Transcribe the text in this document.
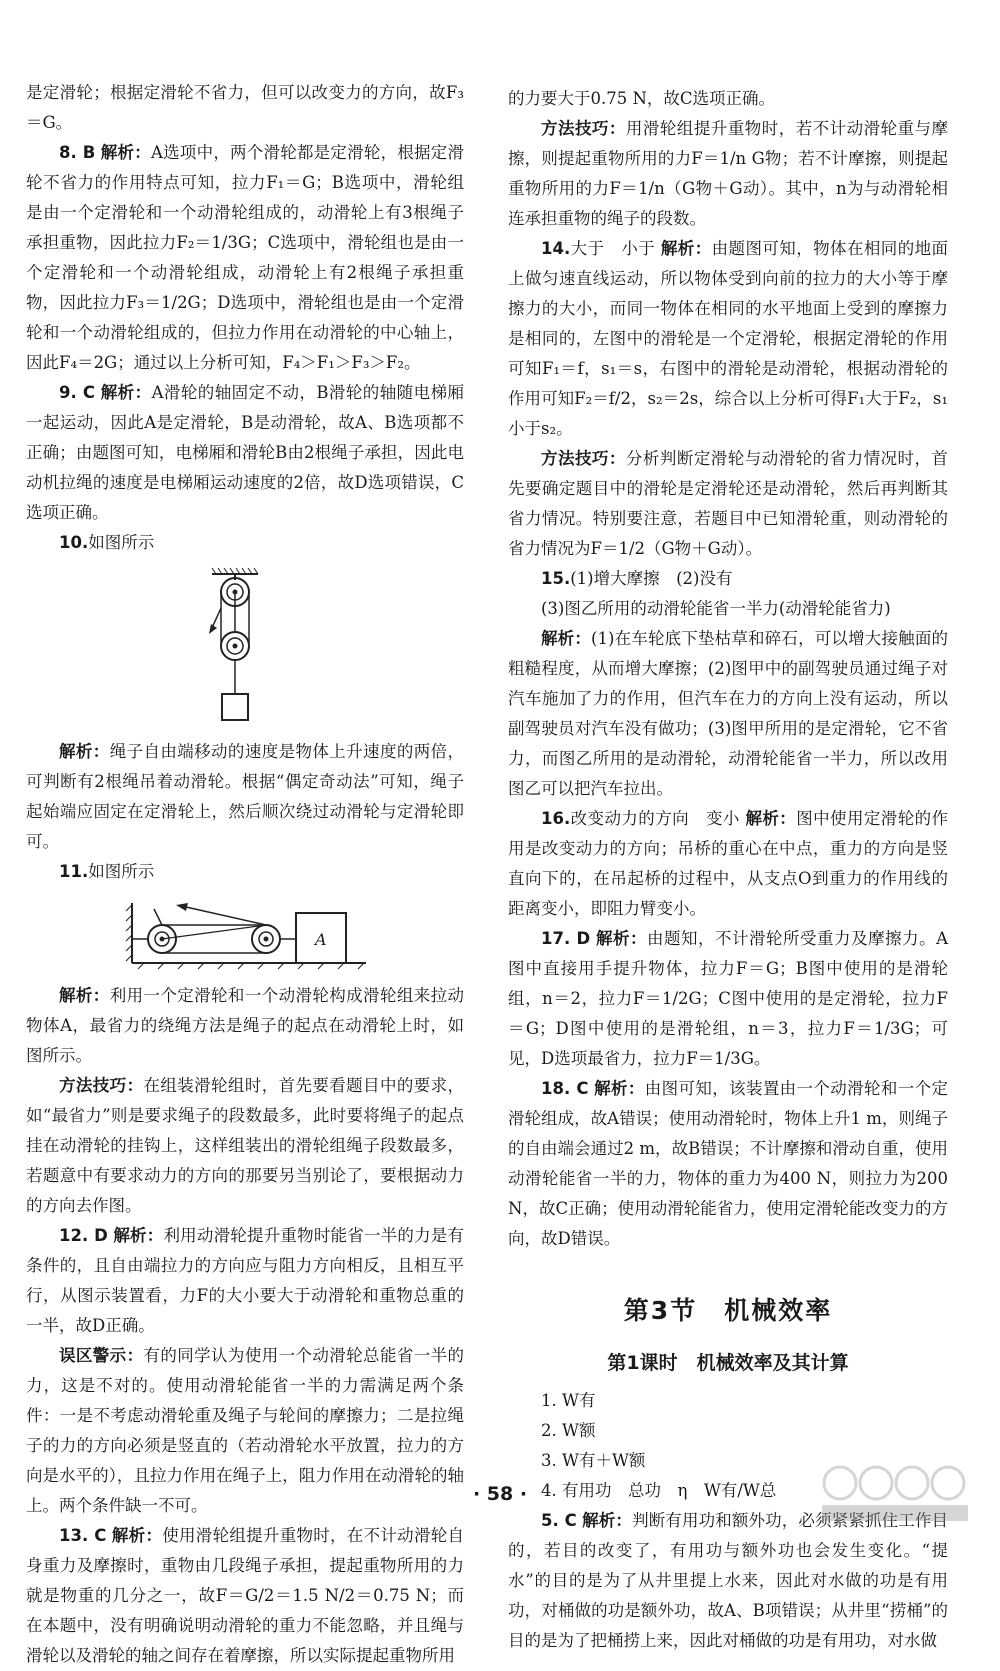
是定滑轮；根据定滑轮不省力，但可以改变力的方向，故F₃＝G。

8. B 解析：A选项中，两个滑轮都是定滑轮，根据定滑轮不省力的作用特点可知，拉力F₁＝G；B选项中，滑轮组是由一个定滑轮和一个动滑轮组成的，动滑轮上有3根绳子承担重物，因此拉力F₂＝1/3G；C选项中，滑轮组也是由一个定滑轮和一个动滑轮组成，动滑轮上有2根绳子承担重物，因此拉力F₃＝1/2G；D选项中，滑轮组也是由一个定滑轮和一个动滑轮组成的，但拉力作用在动滑轮的中心轴上，因此F₄＝2G；通过以上分析可知，F₄＞F₁＞F₃＞F₂。

9. C 解析：A滑轮的轴固定不动，B滑轮的轴随电梯厢一起运动，因此A是定滑轮，B是动滑轮，故A、B选项都不正确；由题图可知，电梯厢和滑轮B由2根绳子承担，因此电动机拉绳的速度是电梯厢运动速度的2倍，故D选项错误，C选项正确。

10.如图所示

解析：绳子自由端移动的速度是物体上升速度的两倍，可判断有2根绳吊着动滑轮。根据“偶定奇动法”可知，绳子起始端应固定在定滑轮上，然后顺次绕过动滑轮与定滑轮即可。

11.如图所示

A

解析：利用一个定滑轮和一个动滑轮构成滑轮组来拉动物体A，最省力的绕绳方法是绳子的起点在动滑轮上时，如图所示。

方法技巧：在组装滑轮组时，首先要看题目中的要求，如“最省力”则是要求绳子的段数最多，此时要将绳子的起点挂在动滑轮的挂钩上，这样组装出的滑轮组绳子段数最多，若题意中有要求动力的方向的那要另当别论了，要根据动力的方向去作图。

12. D 解析：利用动滑轮提升重物时能省一半的力是有条件的，且自由端拉力的方向应与阻力方向相反，且相互平行，从图示装置看，力F的大小要大于动滑轮和重物总重的一半，故D正确。

误区警示：有的同学认为使用一个动滑轮总能省一半的力，这是不对的。使用动滑轮能省一半的力需满足两个条件：一是不考虑动滑轮重及绳子与轮间的摩擦力；二是拉绳子的力的方向必须是竖直的（若动滑轮水平放置，拉力的方向是水平的），且拉力作用在绳子上，阻力作用在动滑轮的轴上。两个条件缺一不可。

13. C 解析：使用滑轮组提升重物时，在不计动滑轮自身重力及摩擦时，重物由几段绳子承担，提起重物所用的力就是物重的几分之一，故F＝G/2＝1.5 N/2＝0.75 N；而在本题中，没有明确说明动滑轮的重力不能忽略，并且绳与滑轮以及滑轮的轴之间存在着摩擦，所以实际提起重物所用

的力要大于0.75 N，故C选项正确。

方法技巧：用滑轮组提升重物时，若不计动滑轮重与摩擦，则提起重物所用的力F＝1/n G物；若不计摩擦，则提起重物所用的力F＝1/n（G物＋G动）。其中，n为与动滑轮相连承担重物的绳子的段数。

14.大于　小于 解析：由题图可知，物体在相同的地面上做匀速直线运动，所以物体受到向前的拉力的大小等于摩擦力的大小，而同一物体在相同的水平地面上受到的摩擦力是相同的，左图中的滑轮是一个定滑轮，根据定滑轮的作用可知F₁＝f，s₁＝s，右图中的滑轮是动滑轮，根据动滑轮的作用可知F₂＝f/2，s₂＝2s，综合以上分析可得F₁大于F₂，s₁小于s₂。

方法技巧：分析判断定滑轮与动滑轮的省力情况时，首先要确定题目中的滑轮是定滑轮还是动滑轮，然后再判断其省力情况。特别要注意，若题目中已知滑轮重，则动滑轮的省力情况为F＝1/2（G物＋G动）。

15.(1)增大摩擦　(2)没有

(3)图乙所用的动滑轮能省一半力(动滑轮能省力)

解析：(1)在车轮底下垫枯草和碎石，可以增大接触面的粗糙程度，从而增大摩擦；(2)图甲中的副驾驶员通过绳子对汽车施加了力的作用，但汽车在力的方向上没有运动，所以副驾驶员对汽车没有做功；(3)图甲所用的是定滑轮，它不省力，而图乙所用的是动滑轮，动滑轮能省一半力，所以改用图乙可以把汽车拉出。

16.改变动力的方向　变小 解析：图中使用定滑轮的作用是改变动力的方向；吊桥的重心在中点，重力的方向是竖直向下的，在吊起桥的过程中，从支点O到重力的作用线的距离变小，即阻力臂变小。

17. D 解析：由题知，不计滑轮所受重力及摩擦力。A图中直接用手提升物体，拉力F＝G；B图中使用的是滑轮组，n＝2，拉力F＝1/2G；C图中使用的是定滑轮，拉力F＝G；D图中使用的是滑轮组，n＝3，拉力F＝1/3G；可见，D选项最省力，拉力F＝1/3G。

18. C 解析：由图可知，该装置由一个动滑轮和一个定滑轮组成，故A错误；使用动滑轮时，物体上升1 m，则绳子的自由端会通过2 m，故B错误；不计摩擦和滑动自重，使用动滑轮能省一半的力，物体的重力为400 N，则拉力为200 N，故C正确；使用动滑轮能省力，使用定滑轮能改变力的方向，故D错误。

第3节　机械效率
第1课时　机械效率及其计算

1. W有

2. W额

3. W有＋W额

4. 有用功　总功　η　W有/W总

5. C 解析：判断有用功和额外功，必须紧紧抓住工作目的，若目的改变了，有用功与额外功也会发生变化。“提水”的目的是为了从井里提上水来，因此对水做的功是有用功，对桶做的功是额外功，故A、B项错误；从井里“捞桶”的目的是为了把桶捞上来，因此对桶做的功是有用功，对水做

· 58 ·
